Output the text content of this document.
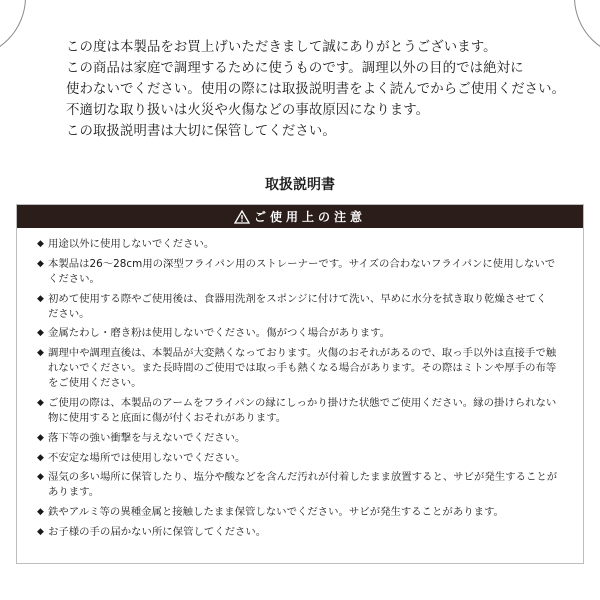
この度は本製品をお買上げいただきまして誠にありがとうございます。
この商品は家庭で調理するために使うものです。調理以外の目的では絶対に
使わないでください。使用の際には取扱説明書をよく読んでからご使用ください。
不適切な取り扱いは火災や火傷などの事故原因になります。
この取扱説明書は大切に保管してください。
取扱説明書
ご使用上の注意
◆ 用途以外に使用しないでください。
◆ 本製品は26〜28cm用の深型フライパン用のストレーナーです。サイズの合わないフライパンに使用しないで
ください。
◆ 初めて使用する際やご使用後は、食器用洗剤をスポンジに付けて洗い、早めに水分を拭き取り乾燥させてく
ださい。
◆ 金属たわし・磨き粉は使用しないでください。傷がつく場合があります。
◆ 調理中や調理直後は、本製品が大変熱くなっております。火傷のおそれがあるので、取っ手以外は直接手で触
れないでください。また長時間のご使用では取っ手も熱くなる場合があります。その際はミトンや厚手の布等
をご使用ください。
◆ ご使用の際は、本製品のアームをフライパンの縁にしっかり掛けた状態でご使用ください。縁の掛けられない
物に使用すると底面に傷が付くおそれがあります。
◆ 落下等の強い衝撃を与えないでください。
◆ 不安定な場所では使用しないでください。
◆ 湿気の多い場所に保管したり、塩分や酸などを含んだ汚れが付着したまま放置すると、サビが発生することが
あります。
◆ 鉄やアルミ等の異種金属と接触したまま保管しないでください。サビが発生することがあります。
◆ お子様の手の届かない所に保管してください。
